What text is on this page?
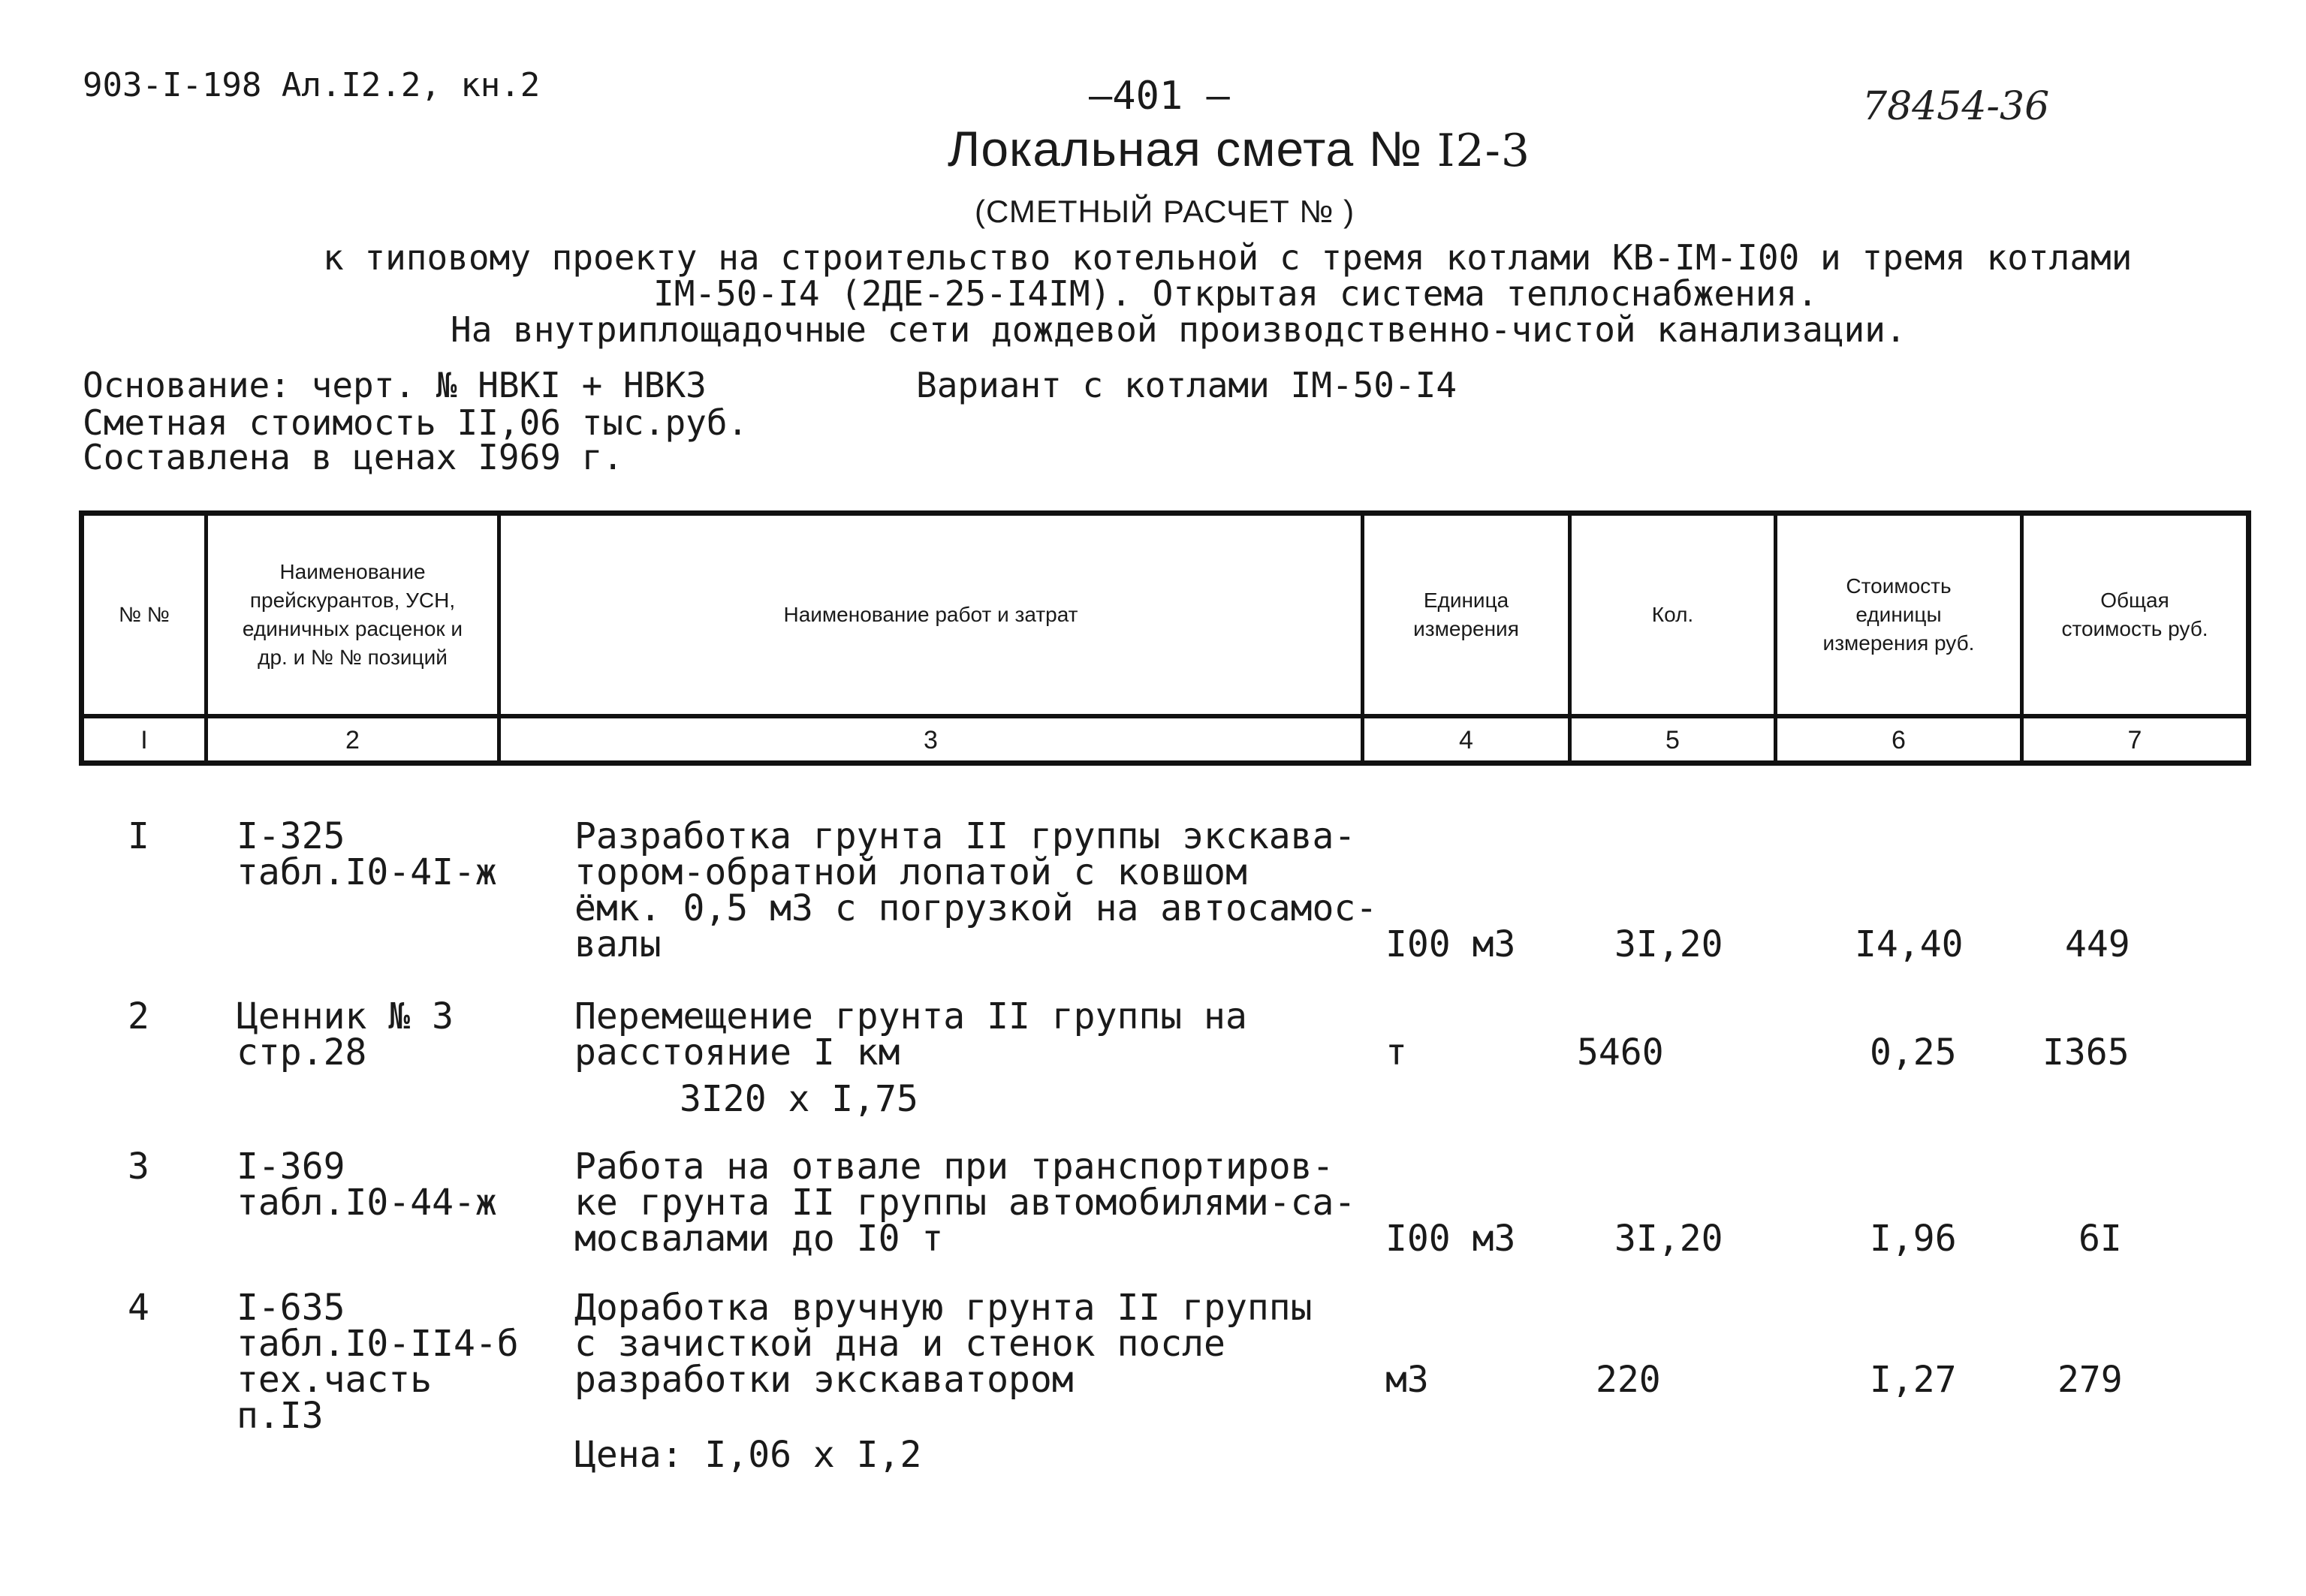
903-I-198 Ал.I2.2, кн.2	—401 —	78454-36
Локальная смета № I2-3
(СМЕТНЫЙ РАСЧЕТ № )
к типовому проекту на строительство котельной с тремя котлами КВ-IМ-I00 и тремя котлами
IМ-50-I4 (2ДЕ-25-I4IМ). Открытая система теплоснабжения.
На внутриплощадочные сети дождевой производственно-чистой канализации.
Основание: черт. № НВКI + НВК3	Вариант с котлами IМ-50-I4
Сметная стоимость II,06 тыс.руб.
Составлена в ценах I969 г.
№ №
Наименование прейскурантов, УСН, единичных расценок и др. и № № позиций
Наименование работ и затрат
Единица измерения
Кол.
Стоимость единицы измерения руб.
Общая стоимость руб.
I	2	3	4	5	6	7
I I-325
табл.I0-4I-ж
Разработка грунта II группы экскава-
тором-обратной лопатой с ковшом
ёмк. 0,5 м3 с погрузкой на автосамос-
валы	I00 м3	3I,20	I4,40	449
2 Ценник № 3
стр.28
Перемещение грунта II группы на
расстояние I км
3I20 x I,75
т	5460	0,25 I365
3 I-369
табл.I0-44-ж
Работа на отвале при транспортиров-
ке грунта II группы автомобилями-са-
мосвалами до I0 т	I00 м3	3I,20	I,96	6I
4 I-635
табл.I0-II4-б
тех.часть
п.I3
Доработка вручную грунта II группы
с зачисткой дна и стенок после
разработки экскаватором
Цена: I,06 x I,2
м3	220	I,27	279
